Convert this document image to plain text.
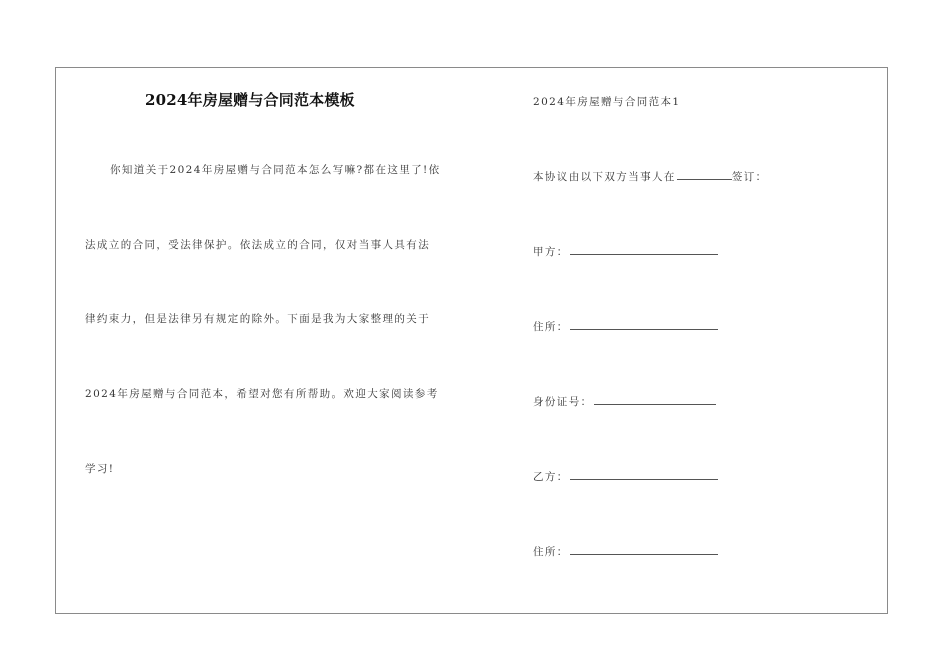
2024年房屋赠与合同范本模板
你知道关于2024年房屋赠与合同范本怎么写嘛?都在这里了!依
法成立的合同，受法律保护。依法成立的合同，仅对当事人具有法
律约束力，但是法律另有规定的除外。下面是我为大家整理的关于
2024年房屋赠与合同范本，希望对您有所帮助。欢迎大家阅读参考
学习!
2024年房屋赠与合同范本1
本协议由以下双方当事人在	签订：
甲方：
住所：
身份证号：
乙方：
住所：
